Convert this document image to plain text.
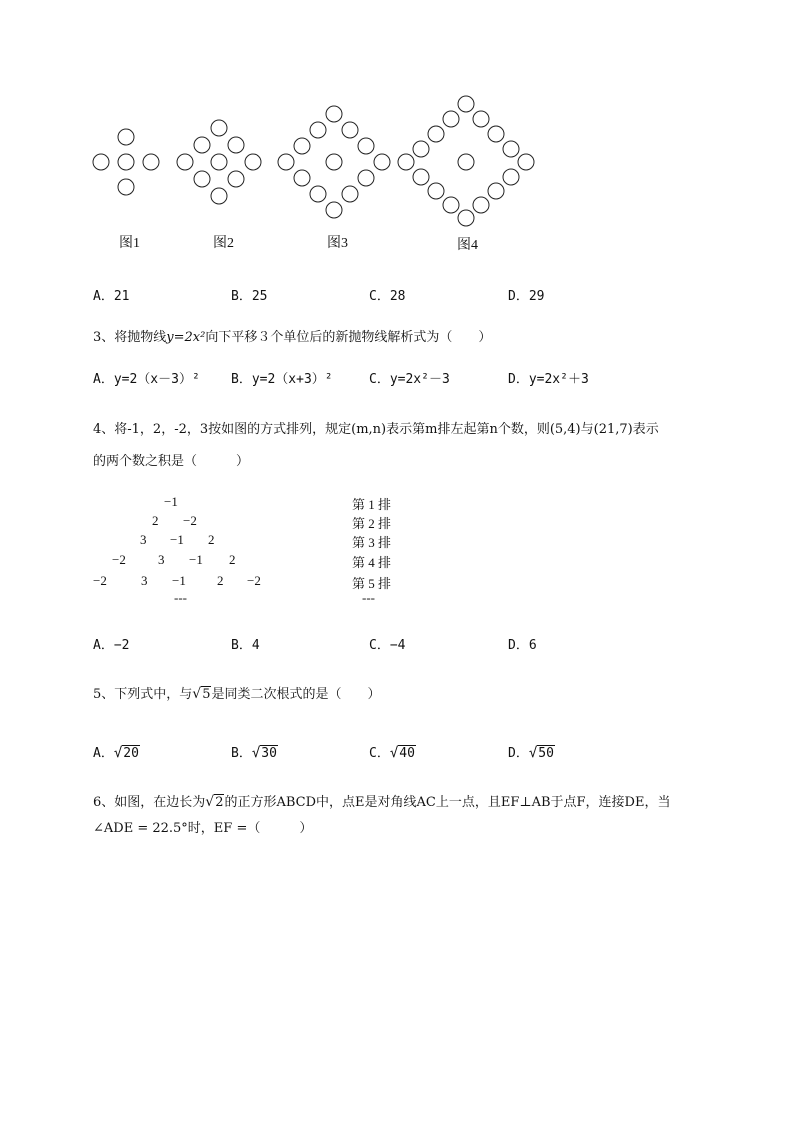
图1	图2	图3	图4
A．21	B．25	C．28	D．29
3、将抛物线y=2x²向下平移３个单位后的新抛物线解析式为（　　）
A．y=2（x－3）² B．y=2（x+3）²	C．y=2x²－3	D．y=2x²＋3
4、将-1，2，-2，3按如图的方式排列，规定(m,n)表示第m排左起第n个数，则(5,4)与(21,7)表示
的两个数之积是（　　　）
−1
2 −2
3 −1 2
−2 3 −1 2
−2	3 −1 2 −2
---
第 1 排
第 2 排
第 3 排
第 4 排
第 5 排
---
A．−2	B．4	C．−4	D．6
5、下列式中，与√5是同类二次根式的是（　　）
A．√20	B．√30	C．√40	D．√50
6、如图，在边长为√2的正方形ABCD中，点E是对角线AC上一点，且EF⊥AB于点F，连接DE，当
∠ADE = 22.5°时，EF =（　　　）
